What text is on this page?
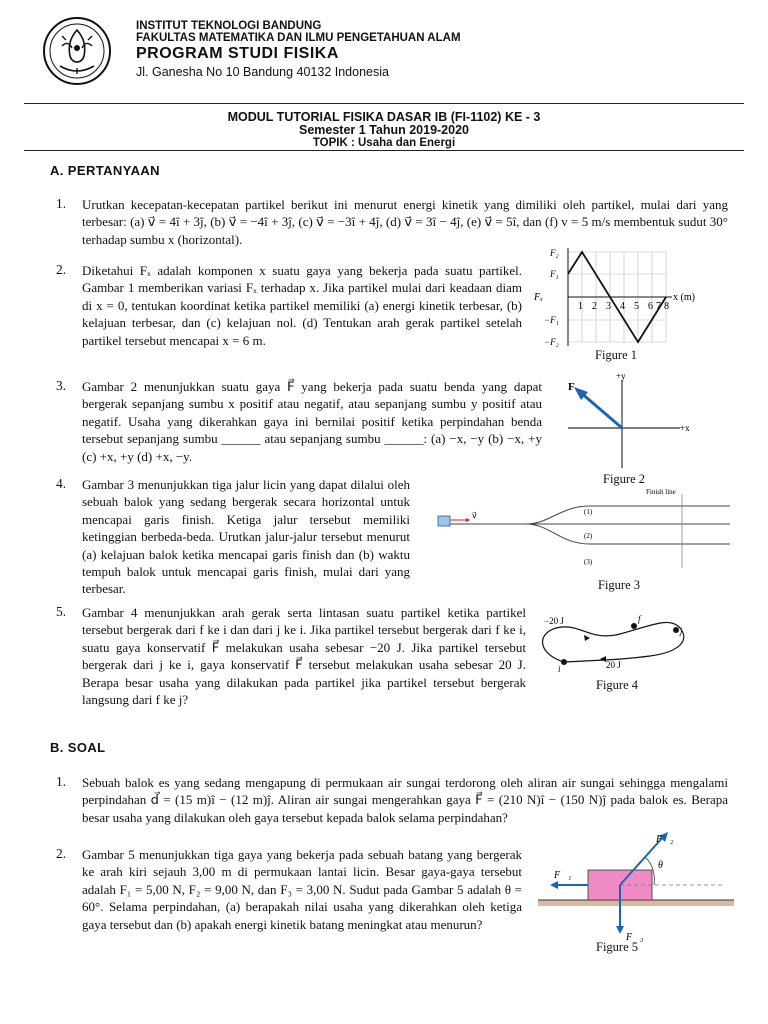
INSTITUT TEKNOLOGI BANDUNG
FAKULTAS MATEMATIKA DAN ILMU PENGETAHUAN ALAM
PROGRAM STUDI FISIKA
Jl. Ganesha No 10 Bandung 40132 Indonesia
MODUL TUTORIAL FISIKA DASAR IB (FI-1102) KE - 3
Semester 1 Tahun 2019-2020
TOPIK : Usaha dan Energi
A. PERTANYAAN
1. Urutkan kecepatan-kecepatan partikel berikut ini menurut energi kinetik yang dimiliki oleh partikel, mulai dari yang terbesar: (a) v⃗ = 4î + 3ĵ, (b) v⃗ = −4î + 3ĵ, (c) v⃗ = −3î + 4ĵ, (d) v⃗ = 3î − 4ĵ, (e) v⃗ = 5î, dan (f) v = 5 m/s membentuk sudut 30° terhadap sumbu x (horizontal).
2. Diketahui Fₓ adalah komponen x suatu gaya yang bekerja pada suatu partikel. Gambar 1 memberikan variasi Fₓ terhadap x. Jika partikel mulai dari keadaan diam di x = 0, tentukan koordinat ketika partikel memiliki (a) energi kinetik terbesar, (b) kelajuan terbesar, dan (c) kelajuan nol. (d) Tentukan arah gerak partikel setelah partikel tersebut mencapai x = 6 m.
3. Gambar 2 menunjukkan suatu gaya F⃗ yang bekerja pada suatu benda yang dapat bergerak sepanjang sumbu x positif atau negatif, atau sepanjang sumbu y positif atau negatif. Usaha yang dikerahkan gaya ini bernilai positif ketika perpindahan benda tersebut sepanjang sumbu ______ atau sepanjang sumbu ______: (a) −x, −y (b) −x, +y (c) +x, +y (d) +x, −y.
4. Gambar 3 menunjukkan tiga jalur licin yang dapat dilalui oleh sebuah balok yang sedang bergerak secara horizontal untuk mencapai garis finish. Ketiga jalur tersebut memiliki ketinggian berbeda-beda. Urutkan jalur-jalur tersebut menurut (a) kelajuan balok ketika mencapai garis finish dan (b) waktu tempuh balok untuk mencapai garis finish, mulai dari yang terbesar.
5. Gambar 4 menunjukkan arah gerak serta lintasan suatu partikel ketika partikel tersebut bergerak dari f ke i dan dari j ke i. Jika partikel tersebut bergerak dari f ke i, suatu gaya konservatif F⃗ melakukan usaha sebesar −20 J. Jika partikel tersebut bergerak dari j ke i, gaya konservatif F⃗ tersebut melakukan usaha sebesar 20 J. Berapa besar usaha yang dilakukan pada partikel jika partikel tersebut bergerak langsung dari f ke j?
F₂
F₁
−F₁
−F₂
Fₓ	x (m)
1 2 3 4 5 6 7 8
Figure 1
F⃗
+y
+x
Figure 2
v⃗
Finish line
(1)
(2)
(3)
Figure 3
−20 J
20 J
f
j
i
Figure 4
B. SOAL
1. Sebuah balok es yang sedang mengapung di permukaan air sungai terdorong oleh aliran air sungai sehingga mengalami perpindahan d⃗ = (15 m)î − (12 m)ĵ. Aliran air sungai mengerahkan gaya F⃗ = (210 N)î − (150 N)ĵ pada balok es. Berapa besar usaha yang dilakukan oleh gaya tersebut kepada balok selama perpindahan?
2. Gambar 5 menunjukkan tiga gaya yang bekerja pada sebuah batang yang bergerak ke arah kiri sejauh 3,00 m di permukaan lantai licin. Besar gaya-gaya tersebut adalah F₁ = 5,00 N, F₂ = 9,00 N, dan F₃ = 3,00 N. Sudut pada Gambar 5 adalah θ = 60°. Selama perpindahan, (a) berapakah nilai usaha yang dikerahkan oleh ketiga gaya tersebut dan (b) apakah energi kinetik batang meningkat atau menurun?
F⃗₁
F⃗₂
F⃗₃
θ
Figure 5
